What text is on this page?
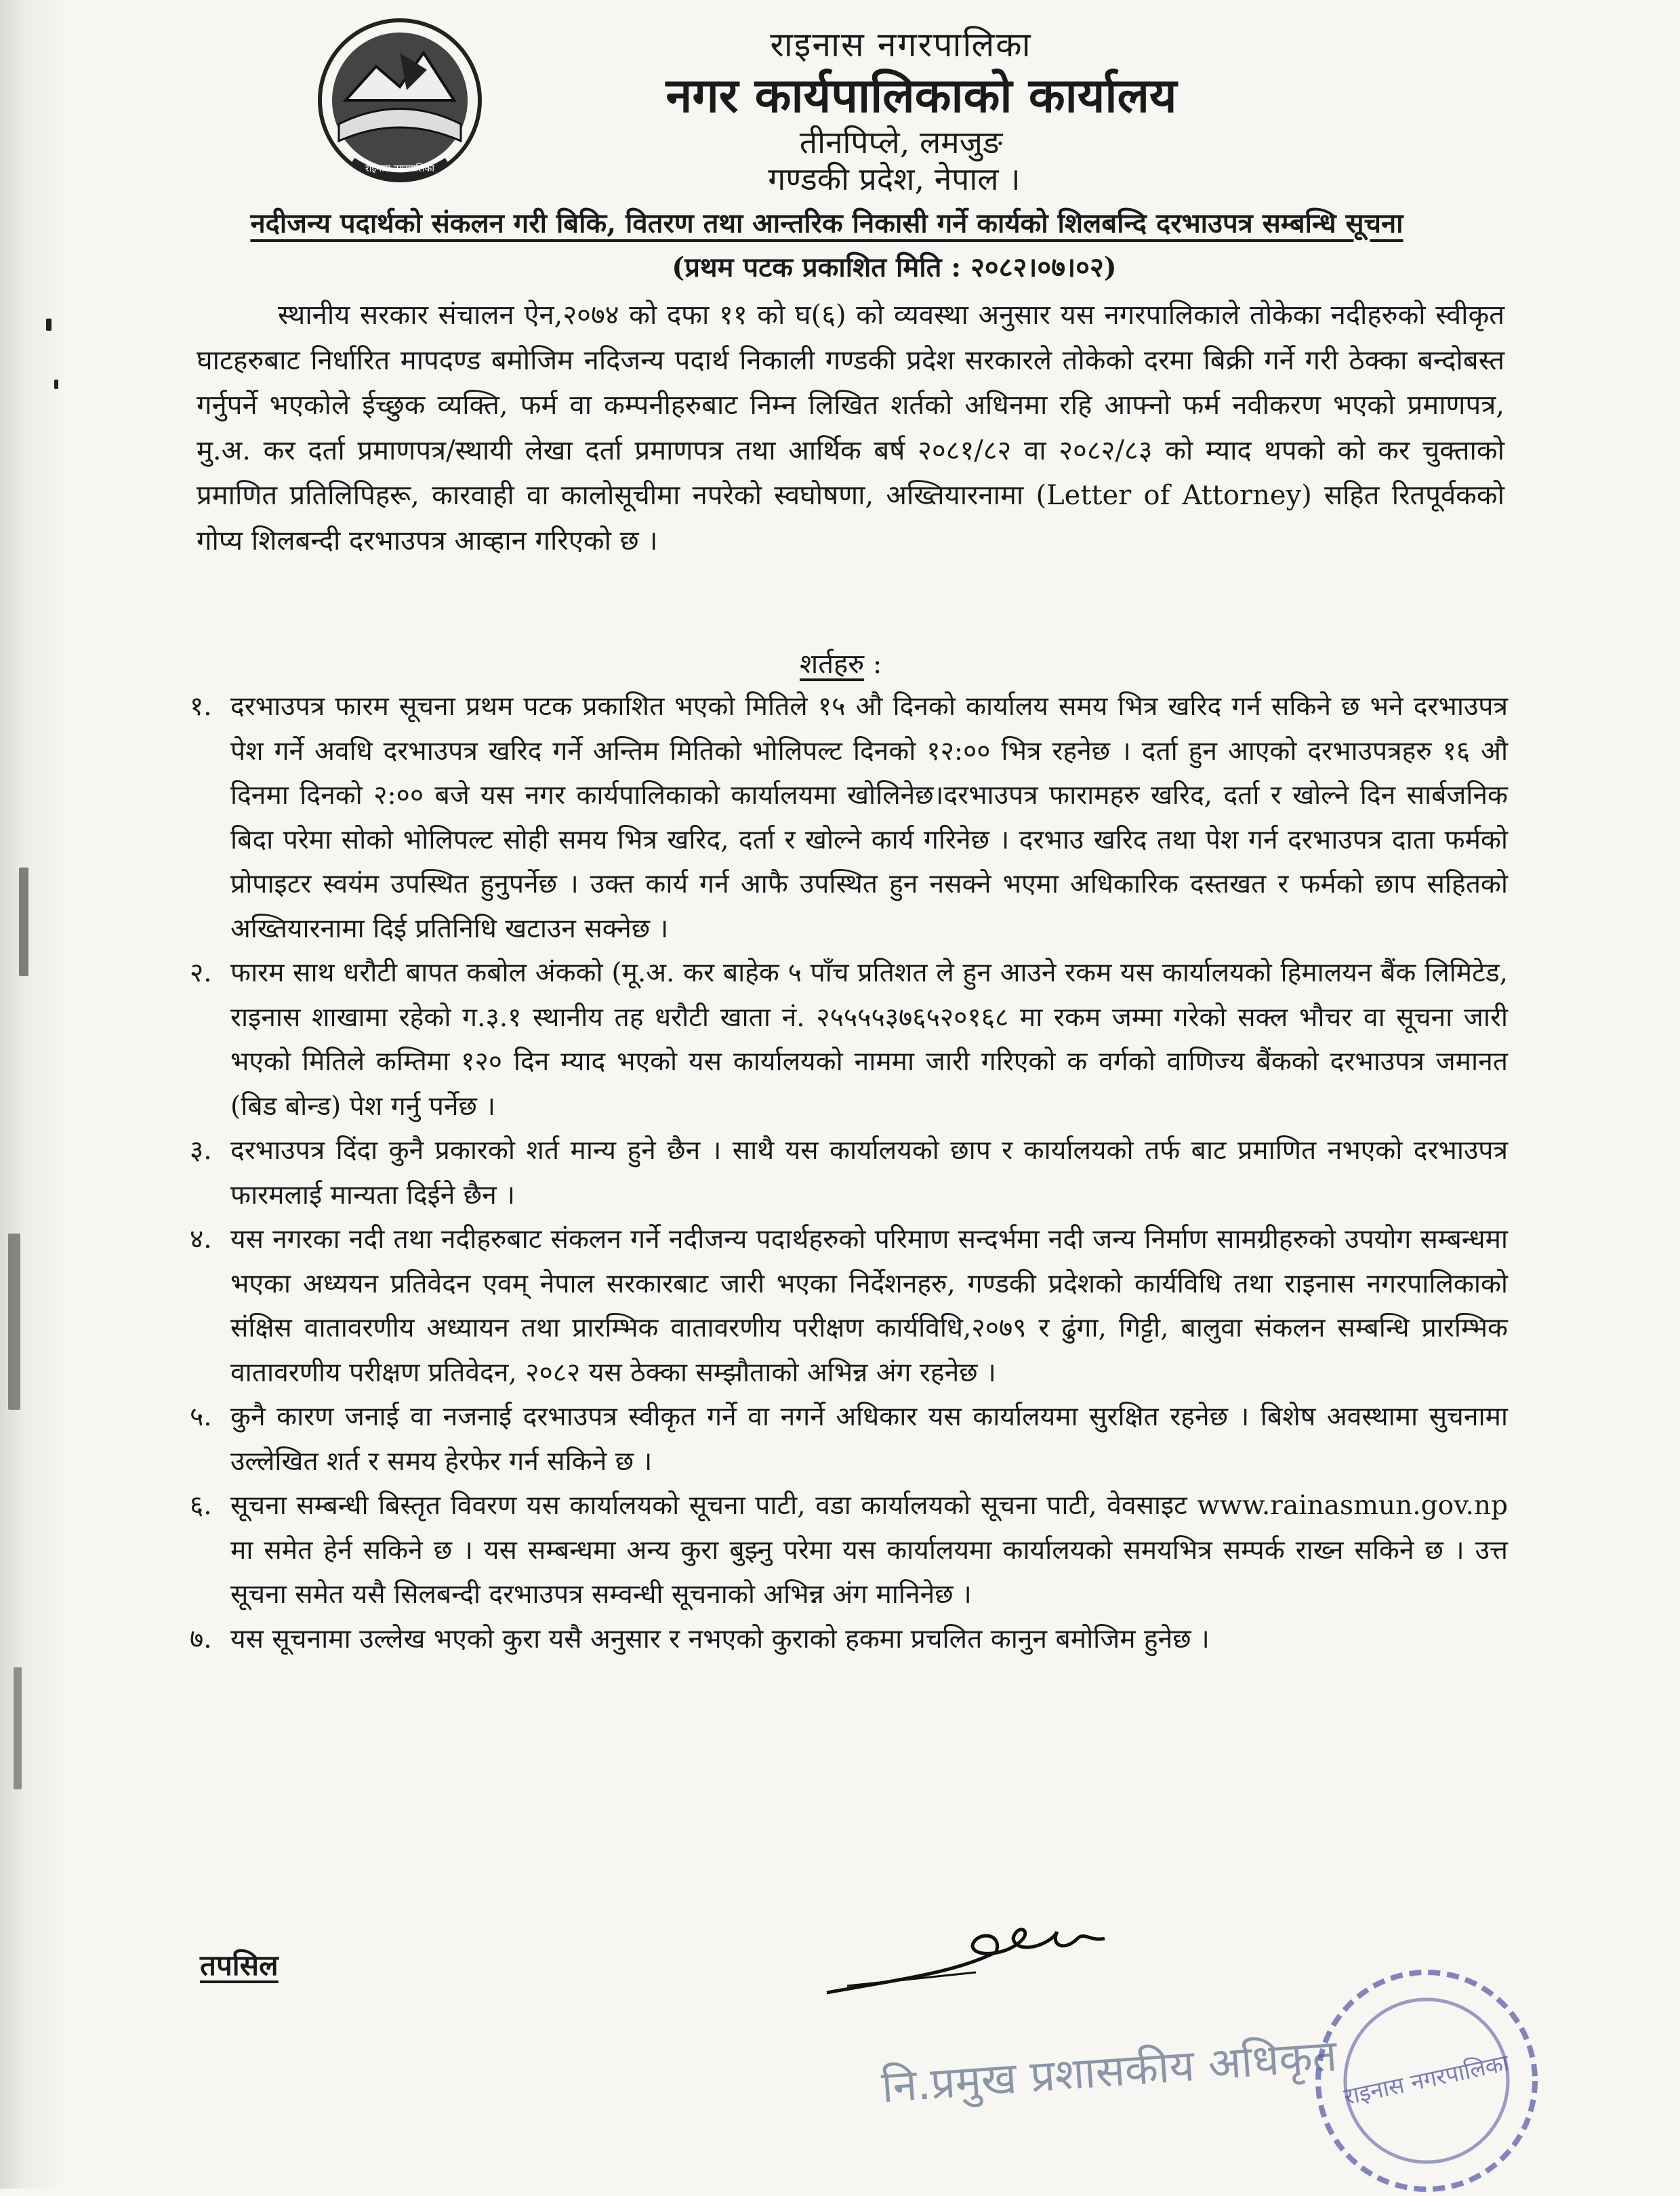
राइनास नगरपालिका
राइनास नगरपालिका
नगर कार्यपालिकाको कार्यालय
तीनपिप्ले, लमजुङ
गण्डकी प्रदेश, नेपाल ।
नदीजन्य पदार्थको संकलन गरी बिकि, वितरण तथा आन्तरिक निकासी गर्ने कार्यको शिलबन्दि दरभाउपत्र सम्बन्धि सूचना
(प्रथम पटक प्रकाशित मिति : २०८२।०७।०२)
स्थानीय सरकार संचालन ऐन,२०७४ को दफा ११ को घ(६) को व्यवस्था अनुसार यस नगरपालिकाले तोकेका नदीहरुको स्वीकृत घाटहरुबाट निर्धारित मापदण्ड बमोजिम नदिजन्य पदार्थ निकाली गण्डकी प्रदेश सरकारले तोकेको दरमा बिक्री गर्ने गरी ठेक्का बन्दोबस्त गर्नुपर्ने भएकोले ईच्छुक व्यक्ति, फर्म वा कम्पनीहरुबाट निम्न लिखित शर्तको अधिनमा रहि आफ्नो फर्म नवीकरण भएको प्रमाणपत्र, मु.अ. कर दर्ता प्रमाणपत्र/स्थायी लेखा दर्ता प्रमाणपत्र तथा आर्थिक बर्ष २०८१/८२ वा २०८२/८३ को म्याद थपको को कर चुक्ताको प्रमाणित प्रतिलिपिहरू, कारवाही वा कालोसूचीमा नपरेको स्वघोषणा, अख्तियारनामा (Letter of Attorney) सहित रितपूर्वकको गोप्य शिलबन्दी दरभाउपत्र आव्हान गरिएको छ ।
शर्तहरु :
१. दरभाउपत्र फारम सूचना प्रथम पटक प्रकाशित भएको मितिले १५ औ दिनको कार्यालय समय भित्र खरिद गर्न सकिने छ भने दरभाउपत्र पेश गर्ने अवधि दरभाउपत्र खरिद गर्ने अन्तिम मितिको भोलिपल्ट दिनको १२:०० भित्र रहनेछ । दर्ता हुन आएको दरभाउपत्रहरु १६ औ दिनमा दिनको २:०० बजे यस नगर कार्यपालिकाको कार्यालयमा खोलिनेछ।दरभाउपत्र फारामहरु खरिद, दर्ता र खोल्ने दिन सार्बजनिक बिदा परेमा सोको भोलिपल्ट सोही समय भित्र खरिद, दर्ता र खोल्ने कार्य गरिनेछ । दरभाउ खरिद तथा पेश गर्न दरभाउपत्र दाता फर्मको प्रोपाइटर स्वयंम उपस्थित हुनुपर्नेछ । उक्त कार्य गर्न आफै उपस्थित हुन नसक्ने भएमा अधिकारिक दस्तखत र फर्मको छाप सहितको अख्तियारनामा दिई प्रतिनिधि खटाउन सक्नेछ ।
२. फारम साथ धरौटी बापत कबोल अंकको (मू.अ. कर बाहेक ५ पाँच प्रतिशत ले हुन आउने रकम यस कार्यालयको हिमालयन बैंक लिमिटेड, राइनास शाखामा रहेको ग.३.१ स्थानीय तह धरौटी खाता नं. २५५५५३७६५२०१६८ मा रकम जम्मा गरेको सक्ल भौचर वा सूचना जारी भएको मितिले कम्तिमा १२० दिन म्याद भएको यस कार्यालयको नाममा जारी गरिएको क वर्गको वाणिज्य बैंकको दरभाउपत्र जमानत (बिड बोन्ड) पेश गर्नु पर्नेछ ।
३. दरभाउपत्र दिंदा कुनै प्रकारको शर्त मान्य हुने छैन । साथै यस कार्यालयको छाप र कार्यालयको तर्फ बाट प्रमाणित नभएको दरभाउपत्र फारमलाई मान्यता दिईने छैन ।
४. यस नगरका नदी तथा नदीहरुबाट संकलन गर्ने नदीजन्य पदार्थहरुको परिमाण सन्दर्भमा नदी जन्य निर्माण सामग्रीहरुको उपयोग सम्बन्धमा भएका अध्ययन प्रतिवेदन एवम् नेपाल सरकारबाट जारी भएका निर्देशनहरु, गण्डकी प्रदेशको कार्यविधि तथा राइनास नगरपालिकाको संक्षिस वातावरणीय अध्यायन तथा प्रारम्भिक वातावरणीय परीक्षण कार्यविधि,२०७९ र ढुंगा, गिट्टी, बालुवा संकलन सम्बन्धि प्रारम्भिक वातावरणीय परीक्षण प्रतिवेदन, २०८२ यस ठेक्का सम्झौताको अभिन्न अंग रहनेछ ।
५. कुनै कारण जनाई वा नजनाई दरभाउपत्र स्वीकृत गर्ने वा नगर्ने अधिकार यस कार्यालयमा सुरक्षित रहनेछ । बिशेष अवस्थामा सुचनामा उल्लेखित शर्त र समय हेरफेर गर्न सकिने छ ।
६. सूचना सम्बन्धी बिस्तृत विवरण यस कार्यालयको सूचना पाटी, वडा कार्यालयको सूचना पाटी, वेवसाइट www.rainasmun.gov.np मा समेत हेर्न सकिने छ । यस सम्बन्धमा अन्य कुरा बुझ्नु परेमा यस कार्यालयमा कार्यालयको समयभित्र सम्पर्क राख्न सकिने छ । उत्त सूचना समेत यसै सिलबन्दी दरभाउपत्र सम्वन्धी सूचनाको अभिन्न अंग मानिनेछ ।
७. यस सूचनामा उल्लेख भएको कुरा यसै अनुसार र नभएको कुराको हकमा प्रचलित कानुन बमोजिम हुनेछ ।
तपसिल
नि.प्रमुख प्रशासकीय अधिकृत राइनास नगरपालिका
